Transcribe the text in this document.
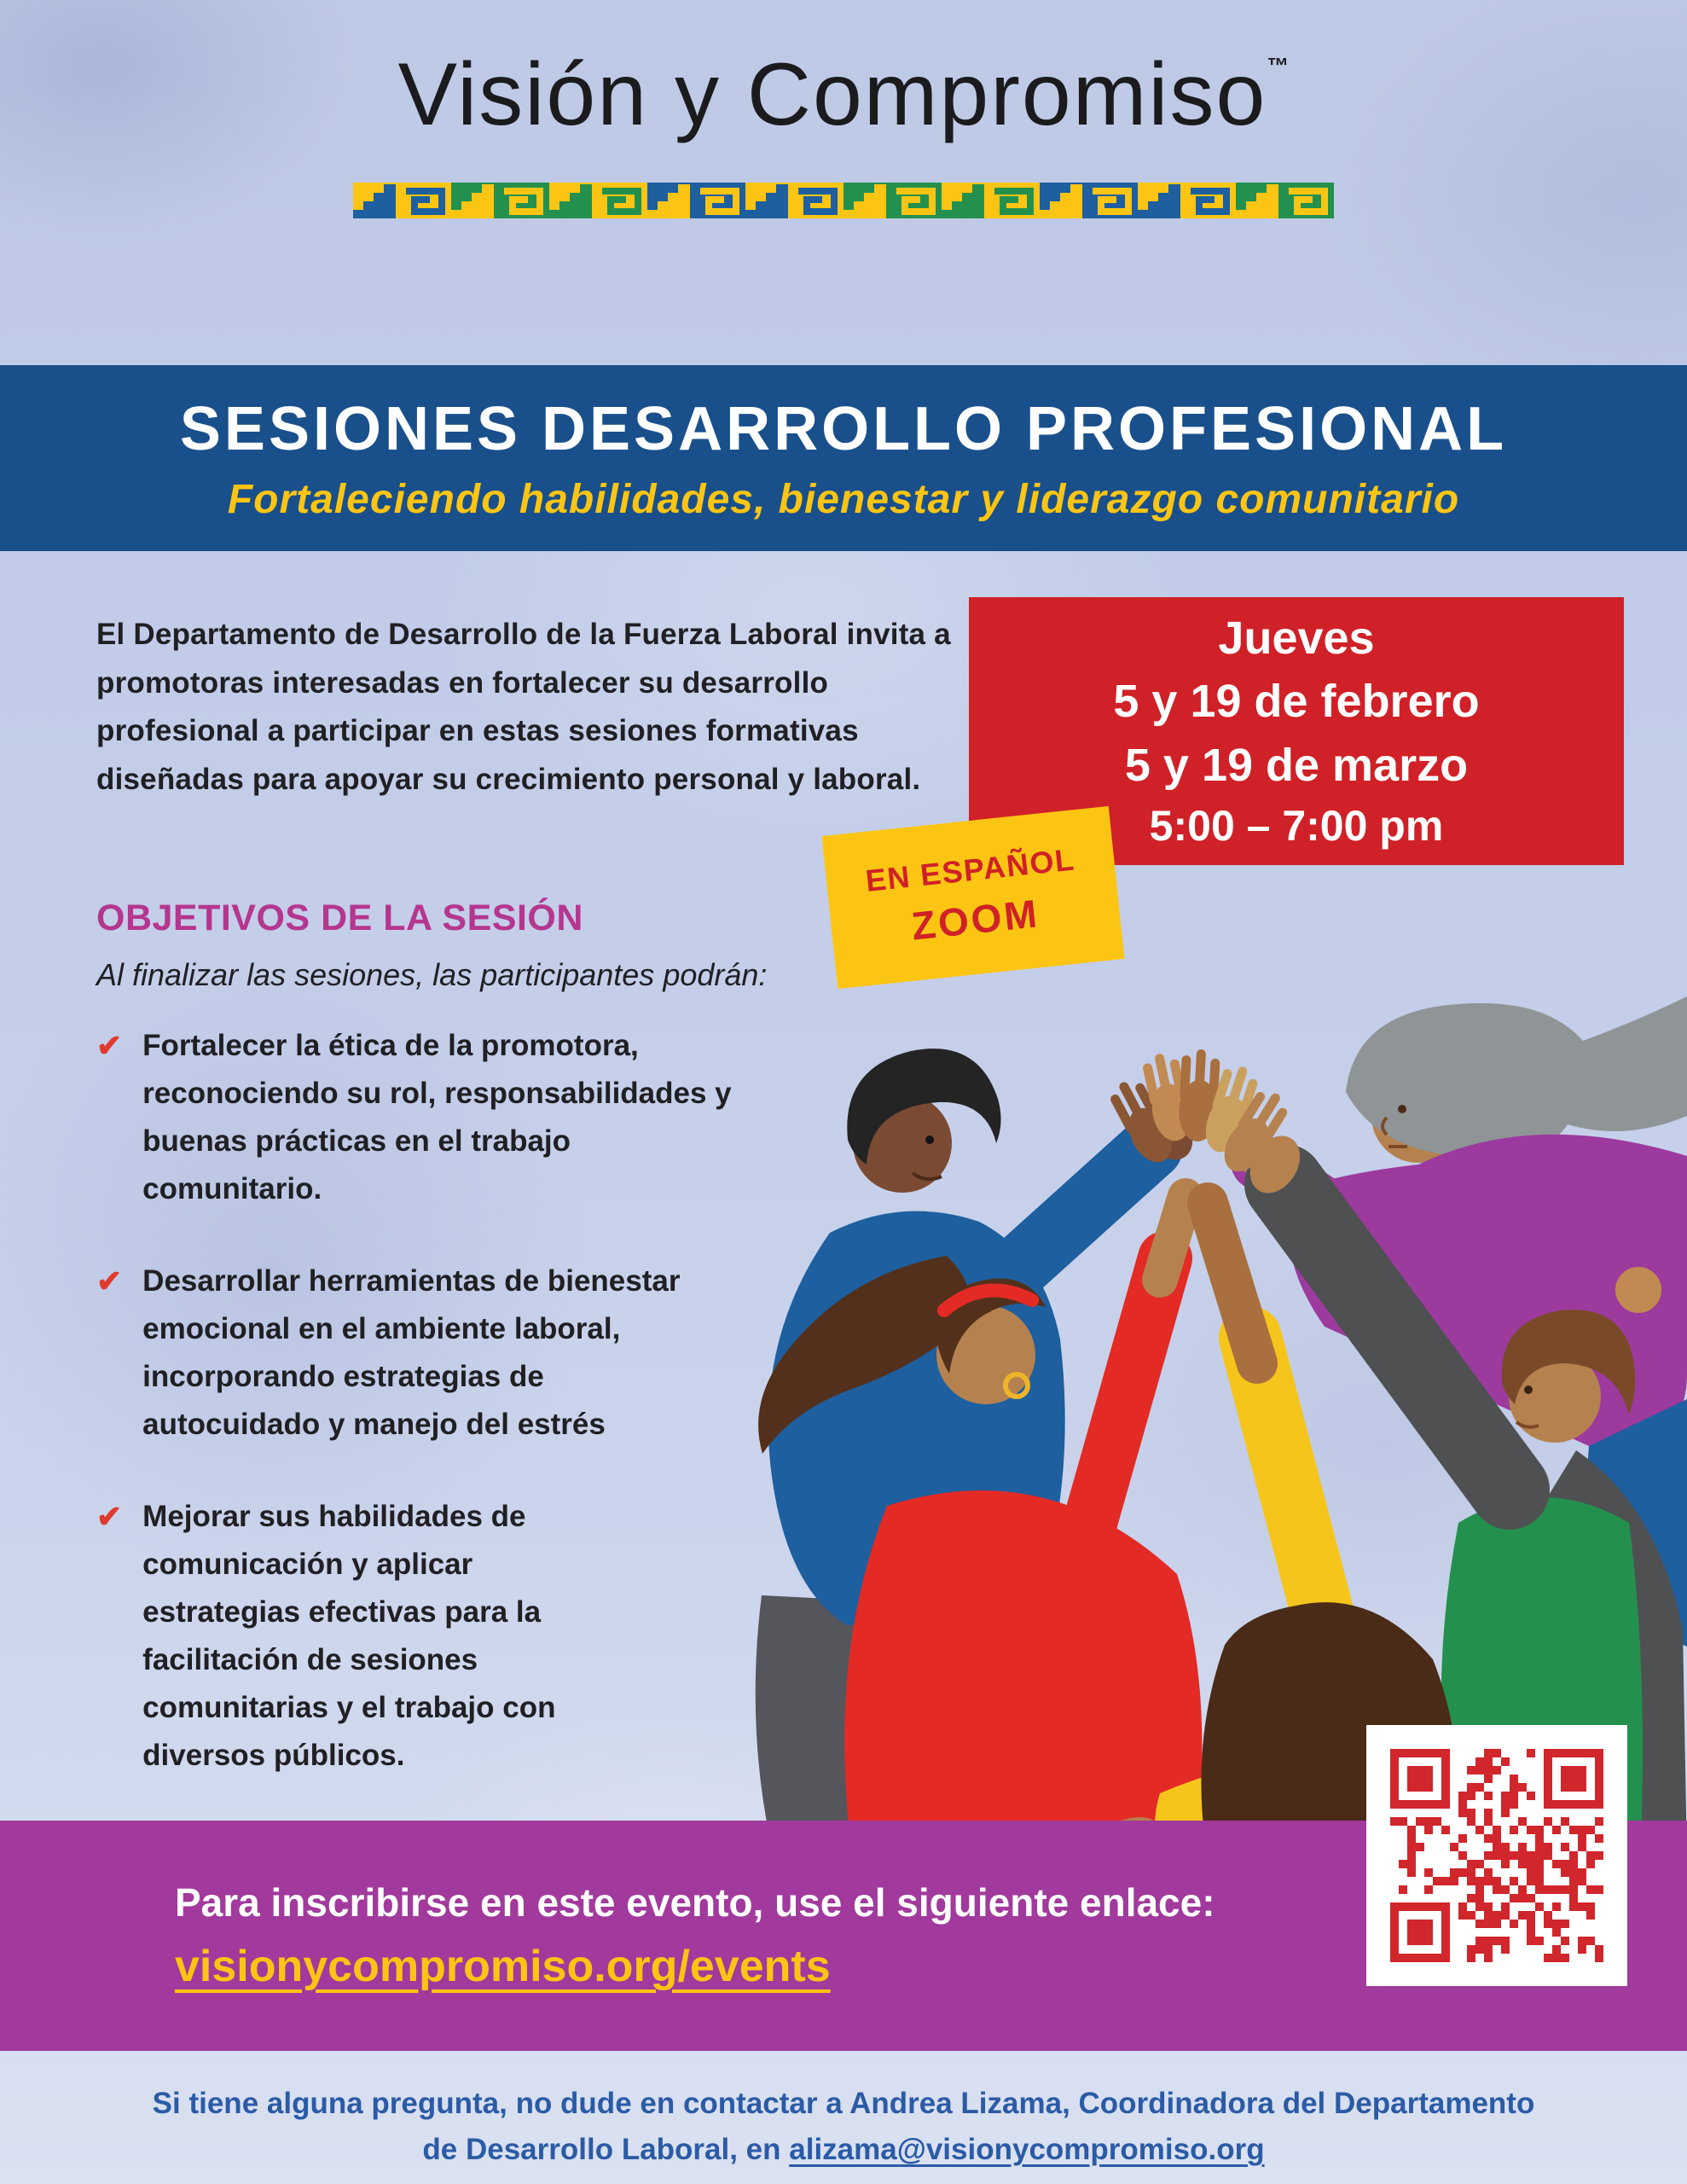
Visión y Compromiso™
SESIONES DESARROLLO PROFESIONAL
Fortaleciendo habilidades, bienestar y liderazgo comunitario

El Departamento de Desarrollo de la Fuerza Laboral invita a promotoras interesadas en fortalecer su desarrollo profesional a participar en estas sesiones formativas diseñadas para apoyar su crecimiento personal y laboral.

Jueves
5 y 19 de febrero
5 y 19 de marzo
5:00 – 7:00 pm
EN ESPAÑOL
ZOOM
OBJETIVOS DE LA SESIÓN

Al finalizar las sesiones, las participantes podrán:

✔ Fortalecer la ética de la promotora, reconociendo su rol, responsabilidades y buenas prácticas en el trabajo comunitario.
✔ Desarrollar herramientas de bienestar emocional en el ambiente laboral, incorporando estrategias de autocuidado y manejo del estrés
✔ Mejorar sus habilidades de comunicación y aplicar estrategias efectivas para la facilitación de sesiones comunitarias y el trabajo con diversos públicos.
Para inscribirse en este evento, use el siguiente enlace:
visionycompromiso.org/events
Si tiene alguna pregunta, no dude en contactar a Andrea Lizama, Coordinadora del Departamento
de Desarrollo Laboral, en alizama@visionycompromiso.org
